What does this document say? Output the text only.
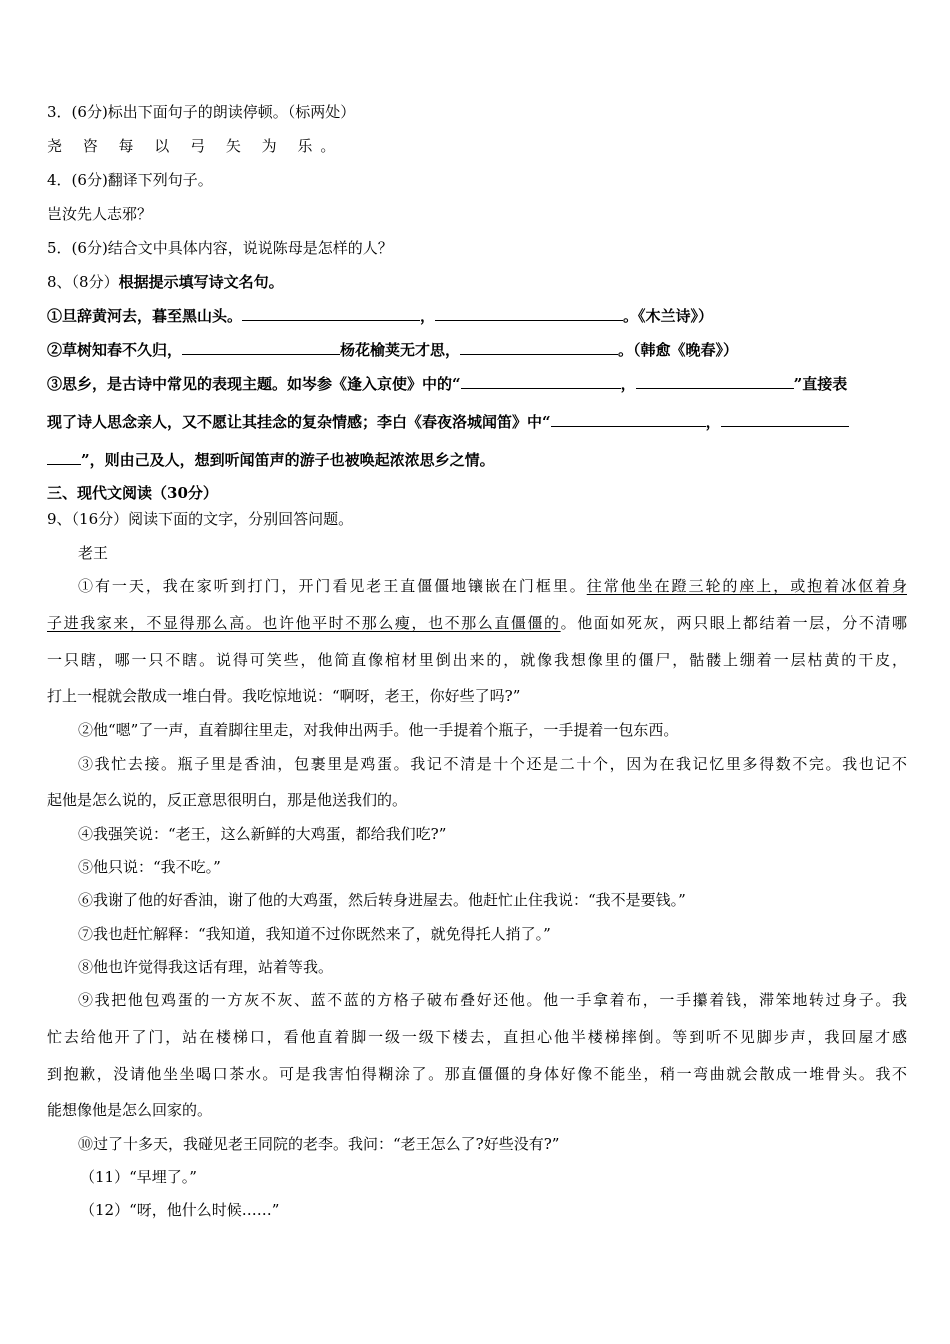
3．(6分)标出下面句子的朗读停顿。（标两处）
尧 咨 每 以 弓 矢 为 乐。
4．(6分)翻译下列句子。
岂汝先人志邪？
5．(6分)结合文中具体内容，说说陈母是怎样的人？
8、（8分）根据提示填写诗文名句。
①旦辞黄河去，暮至黑山头。	，	。《木兰诗》）
②草树知春不久归，	杨花榆荚无才思，	。（韩愈《晚春》）
③思乡，是古诗中常见的表现主题。如岑参《逢入京使》中的“	，	”直接表
现了诗人思念亲人，又不愿让其挂念的复杂情感；李白《春夜洛城闻笛》中“	，
”，则由己及人，想到听闻笛声的游子也被唤起浓浓思乡之情。
三、现代文阅读（30分）
9、（16分）阅读下面的文字，分别回答问题。
老王
①有一天，我在家听到打门，开门看见老王直僵僵地镶嵌在门框里。往常他坐在蹬三轮的座上，或抱着冰伛着身
子进我家来，不显得那么高。也许他平时不那么瘦，也不那么直僵僵的。他面如死灰，两只眼上都结着一层，分不清哪
一只瞎，哪一只不瞎。说得可笑些，他简直像棺材里倒出来的，就像我想像里的僵尸，骷髅上绷着一层枯黄的干皮，
打上一棍就会散成一堆白骨。我吃惊地说：“啊呀，老王，你好些了吗?”
②他“嗯”了一声，直着脚往里走，对我伸出两手。他一手提着个瓶子，一手提着一包东西。
③我忙去接。瓶子里是香油，包裹里是鸡蛋。我记不清是十个还是二十个，因为在我记忆里多得数不完。我也记不
起他是怎么说的，反正意思很明白，那是他送我们的。
④我强笑说：“老王，这么新鲜的大鸡蛋，都给我们吃?”
⑤他只说：“我不吃。”
⑥我谢了他的好香油，谢了他的大鸡蛋，然后转身进屋去。他赶忙止住我说：“我不是要钱。”
⑦我也赶忙解释：“我知道，我知道不过你既然来了，就免得托人捎了。”
⑧他也许觉得我这话有理，站着等我。
⑨我把他包鸡蛋的一方灰不灰、蓝不蓝的方格子破布叠好还他。他一手拿着布，一手攥着钱，滞笨地转过身子。我
忙去给他开了门，站在楼梯口，看他直着脚一级一级下楼去，直担心他半楼梯摔倒。等到听不见脚步声，我回屋才感
到抱歉，没请他坐坐喝口茶水。可是我害怕得糊涂了。那直僵僵的身体好像不能坐，稍一弯曲就会散成一堆骨头。我不
能想像他是怎么回家的。
⑩过了十多天，我碰见老王同院的老李。我问：“老王怎么了?好些没有?”
（11）“早埋了。”
（12）“呀，他什么时候……”
